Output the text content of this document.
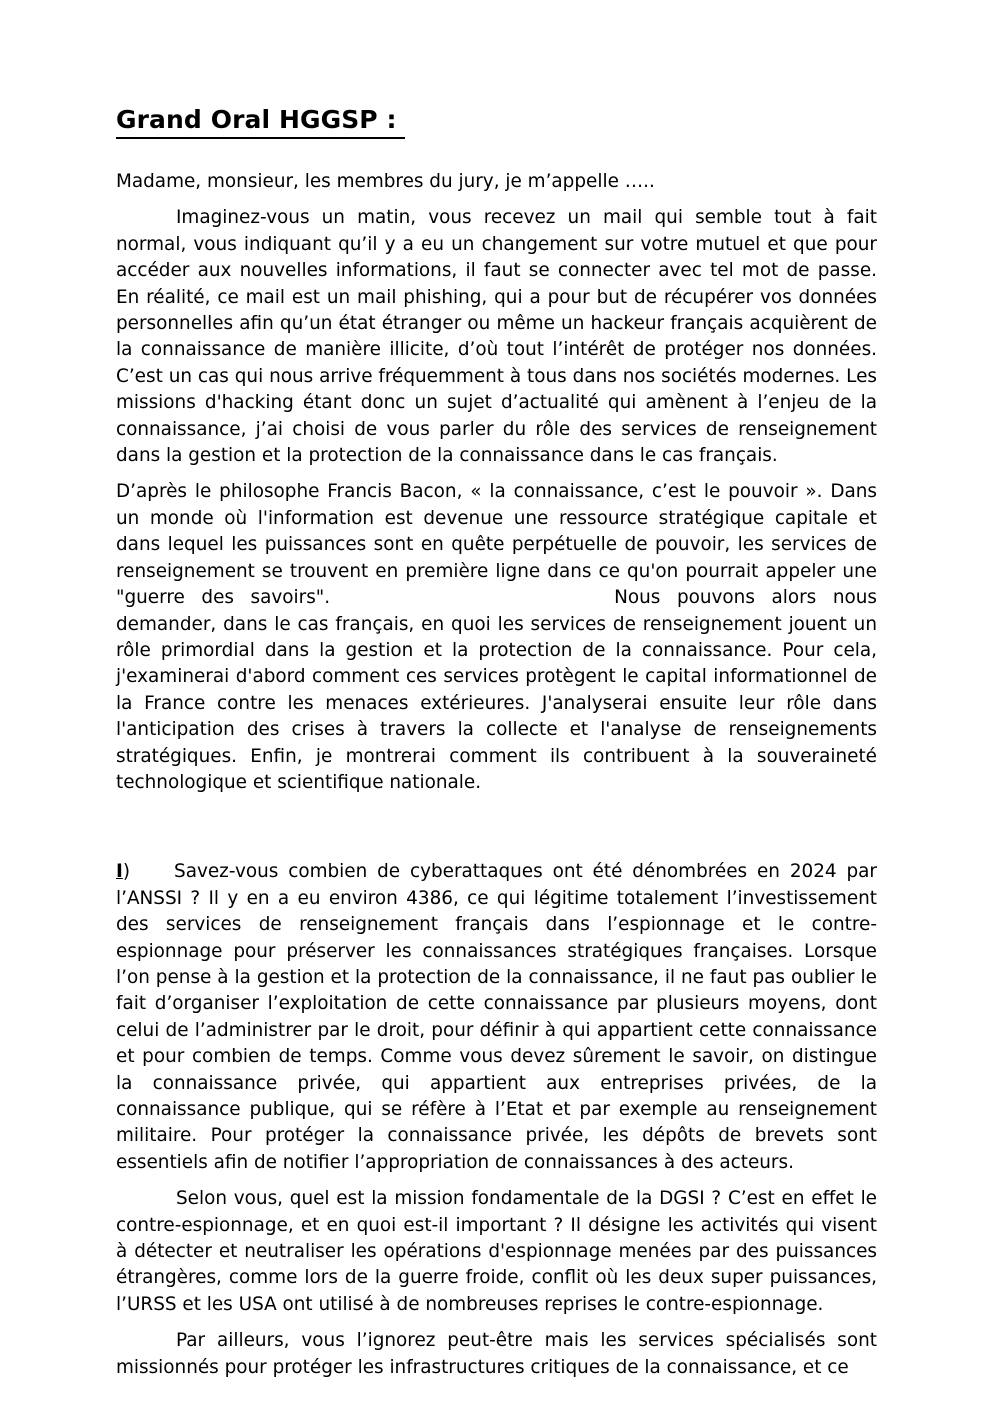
Grand Oral HGGSP :

Madame, monsieur, les membres du jury, je m’appelle …..

Imaginez-vous un matin, vous recevez un mail qui semble tout à fait normal, vous indiquant qu’il y a eu un changement sur votre mutuel et que pour accéder aux nouvelles informations, il faut se connecter avec tel mot de passe. En réalité, ce mail est un mail phishing, qui a pour but de récupérer vos données personnelles afin qu’un état étranger ou même un hackeur français acquièrent de la connaissance de manière illicite, d’où tout l’intérêt de protéger nos données. C’est un cas qui nous arrive fréquemment à tous dans nos sociétés modernes. Les missions d'hacking étant donc un sujet d’actualité qui amènent à l’enjeu de la connaissance, j’ai choisi de vous parler du rôle des services de renseignement dans la gestion et la protection de la connaissance dans le cas français.

D’après le philosophe Francis Bacon, « la connaissance, c’est le pouvoir ». Dans un monde où l'information est devenue une ressource stratégique capitale et dans lequel les puissances sont en quête perpétuelle de pouvoir, les services de renseignement se trouvent en première ligne dans ce qu'on pourrait appeler une "guerre des savoirs".	Nous pouvons alors nous demander, dans le cas français, en quoi les services de renseignement jouent un rôle primordial dans la gestion et la protection de la connaissance. Pour cela, j'examinerai d'abord comment ces services protègent le capital informationnel de la France contre les menaces extérieures. J'analyserai ensuite leur rôle dans l'anticipation des crises à travers la collecte et l'analyse de renseignements stratégiques. Enfin, je montrerai comment ils contribuent à la souveraineté technologique et scientifique nationale.

I) Savez-vous combien de cyberattaques ont été dénombrées en 2024 par l’ANSSI ? Il y en a eu environ 4386, ce qui légitime totalement l’investissement des services de renseignement français dans l’espionnage et le contre-espionnage pour préserver les connaissances stratégiques françaises. Lorsque l’on pense à la gestion et la protection de la connaissance, il ne faut pas oublier le fait d’organiser l’exploitation de cette connaissance par plusieurs moyens, dont celui de l’administrer par le droit, pour définir à qui appartient cette connaissance et pour combien de temps. Comme vous devez sûrement le savoir, on distingue la connaissance privée, qui appartient aux entreprises privées, de la connaissance publique, qui se réfère à l’Etat et par exemple au renseignement militaire. Pour protéger la connaissance privée, les dépôts de brevets sont essentiels afin de notifier l’appropriation de connaissances à des acteurs.

Selon vous, quel est la mission fondamentale de la DGSI ? C’est en effet le contre-espionnage, et en quoi est-il important ? Il désigne les activités qui visent à détecter et neutraliser les opérations d'espionnage menées par des puissances étrangères, comme lors de la guerre froide, conflit où les deux super puissances, l’URSS et les USA ont utilisé à de nombreuses reprises le contre-espionnage.

Par ailleurs, vous l’ignorez peut-être mais les services spécialisés sont missionnés pour protéger les infrastructures critiques de la connaissance, et ce
